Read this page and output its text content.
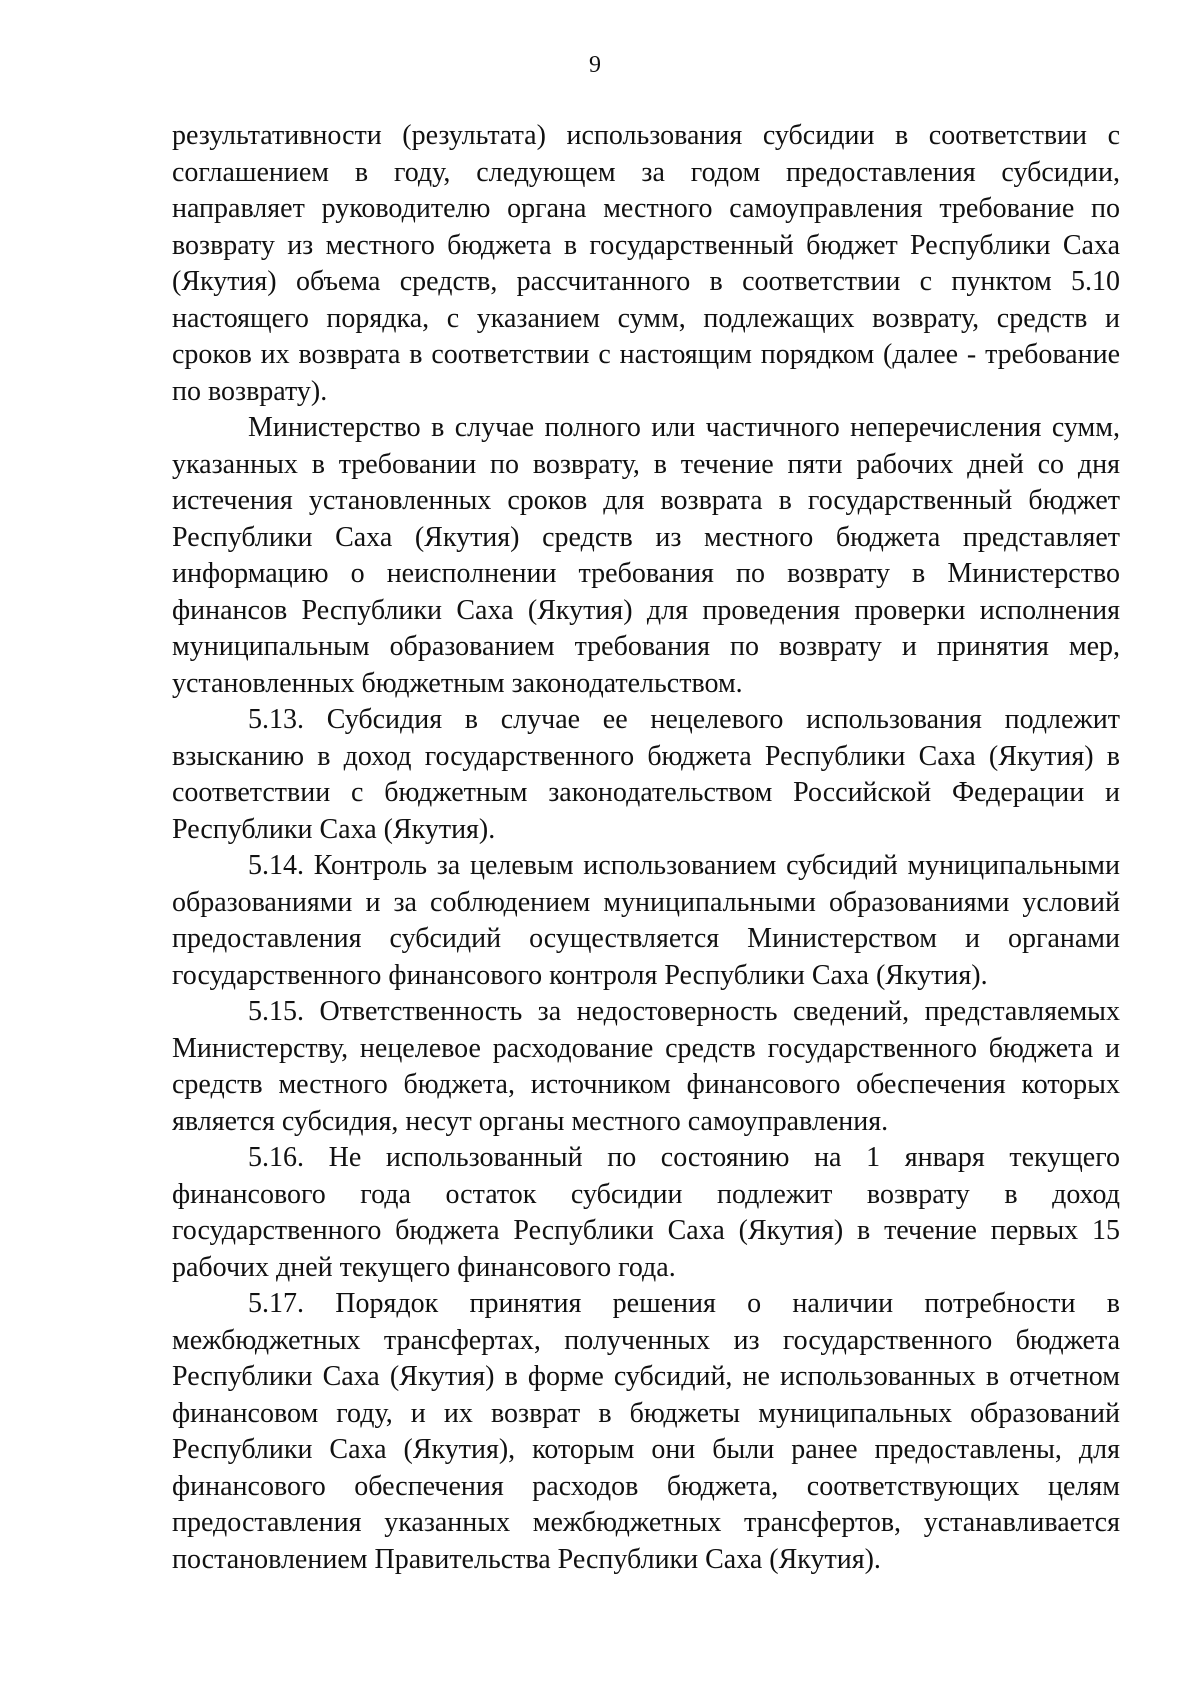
9

результативности (результата) использования субсидии в соответствии с соглашением в году, следующем за годом предоставления субсидии, направляет руководителю органа местного самоуправления требование по возврату из местного бюджета в государственный бюджет Республики Саха (Якутия) объема средств, рассчитанного в соответствии с пунктом 5.10 настоящего порядка, с указанием сумм, подлежащих возврату, средств и сроков их возврата в соответствии с настоящим порядком (далее - требование по возврату).

Министерство в случае полного или частичного неперечисления сумм, указанных в требовании по возврату, в течение пяти рабочих дней со дня истечения установленных сроков для возврата в государственный бюджет Республики Саха (Якутия) средств из местного бюджета представляет информацию о неисполнении требования по возврату в Министерство финансов Республики Саха (Якутия) для проведения проверки исполнения муниципальным образованием требования по возврату и принятия мер, установленных бюджетным законодательством.

5.13. Субсидия в случае ее нецелевого использования подлежит взысканию в доход государственного бюджета Республики Саха (Якутия) в соответствии с бюджетным законодательством Российской Федерации и Республики Саха (Якутия).

5.14. Контроль за целевым использованием субсидий муниципальными образованиями и за соблюдением муниципальными образованиями условий предоставления субсидий осуществляется Министерством и органами государственного финансового контроля Республики Саха (Якутия).

5.15. Ответственность за недостоверность сведений, представляемых Министерству, нецелевое расходование средств государственного бюджета и средств местного бюджета, источником финансового обеспечения которых является субсидия, несут органы местного самоуправления.

5.16. Не использованный по состоянию на 1 января текущего финансового года остаток субсидии подлежит возврату в доход государственного бюджета Республики Саха (Якутия) в течение первых 15 рабочих дней текущего финансового года.

5.17. Порядок принятия решения о наличии потребности в межбюджетных трансфертах, полученных из государственного бюджета Республики Саха (Якутия) в форме субсидий, не использованных в отчетном финансовом году, и их возврат в бюджеты муниципальных образований Республики Саха (Якутия), которым они были ранее предоставлены, для финансового обеспечения расходов бюджета, соответствующих целям предоставления указанных межбюджетных трансфертов, устанавливается постановлением Правительства Республики Саха (Якутия).
